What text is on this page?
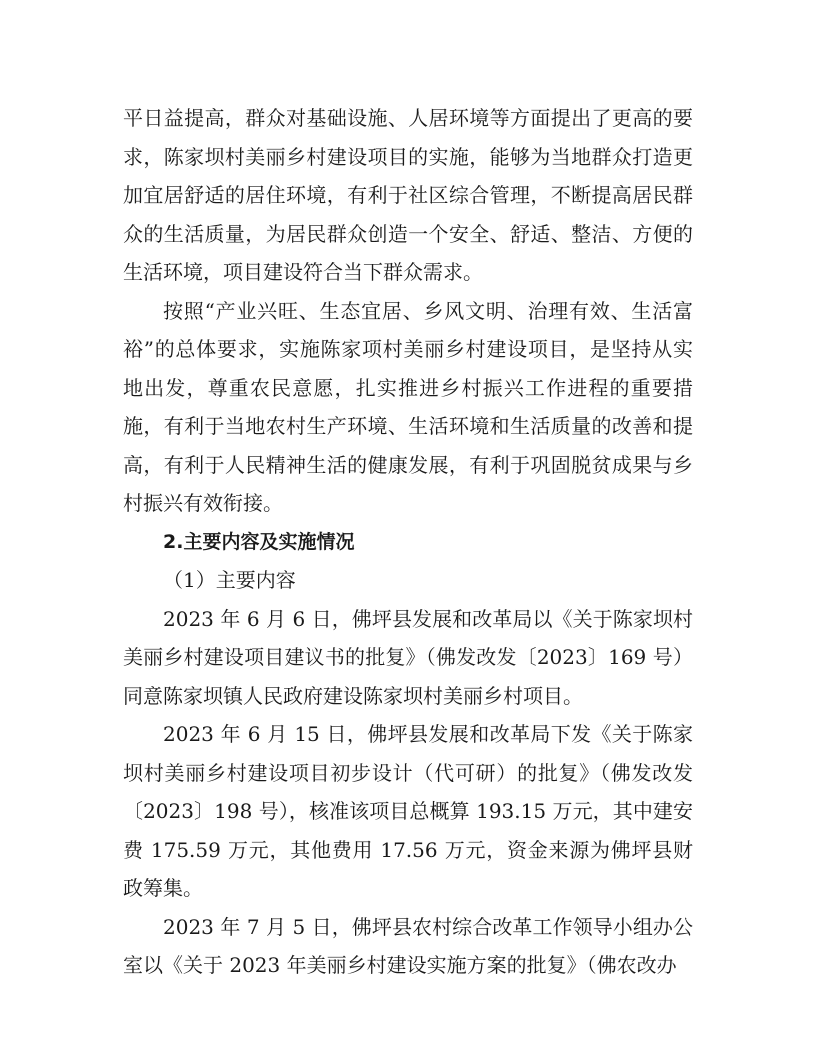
平日益提高，群众对基础设施、人居环境等方面提出了更高的要求，陈家坝村美丽乡村建设项目的实施，能够为当地群众打造更加宜居舒适的居住环境，有利于社区综合管理，不断提高居民群众的生活质量，为居民群众创造一个安全、舒适、整洁、方便的生活环境，项目建设符合当下群众需求。

按照“产业兴旺、生态宜居、乡风文明、治理有效、生活富裕”的总体要求，实施陈家项村美丽乡村建设项目，是坚持从实地出发，尊重农民意愿，扎实推进乡村振兴工作进程的重要措施，有利于当地农村生产环境、生活环境和生活质量的改善和提高，有利于人民精神生活的健康发展，有利于巩固脱贫成果与乡村振兴有效衔接。

2.主要内容及实施情况

（1）主要内容

2023 年 6 月 6 日，佛坪县发展和改革局以《关于陈家坝村美丽乡村建设项目建议书的批复》（佛发改发〔2023〕169 号）同意陈家坝镇人民政府建设陈家坝村美丽乡村项目。

2023 年 6 月 15 日，佛坪县发展和改革局下发《关于陈家坝村美丽乡村建设项目初步设计（代可研）的批复》（佛发改发〔2023〕198 号），核准该项目总概算 193.15 万元，其中建安费 175.59 万元，其他费用 17.56 万元，资金来源为佛坪县财政筹集。

2023 年 7 月 5 日，佛坪县农村综合改革工作领导小组办公室以《关于 2023 年美丽乡村建设实施方案的批复》（佛农改办
